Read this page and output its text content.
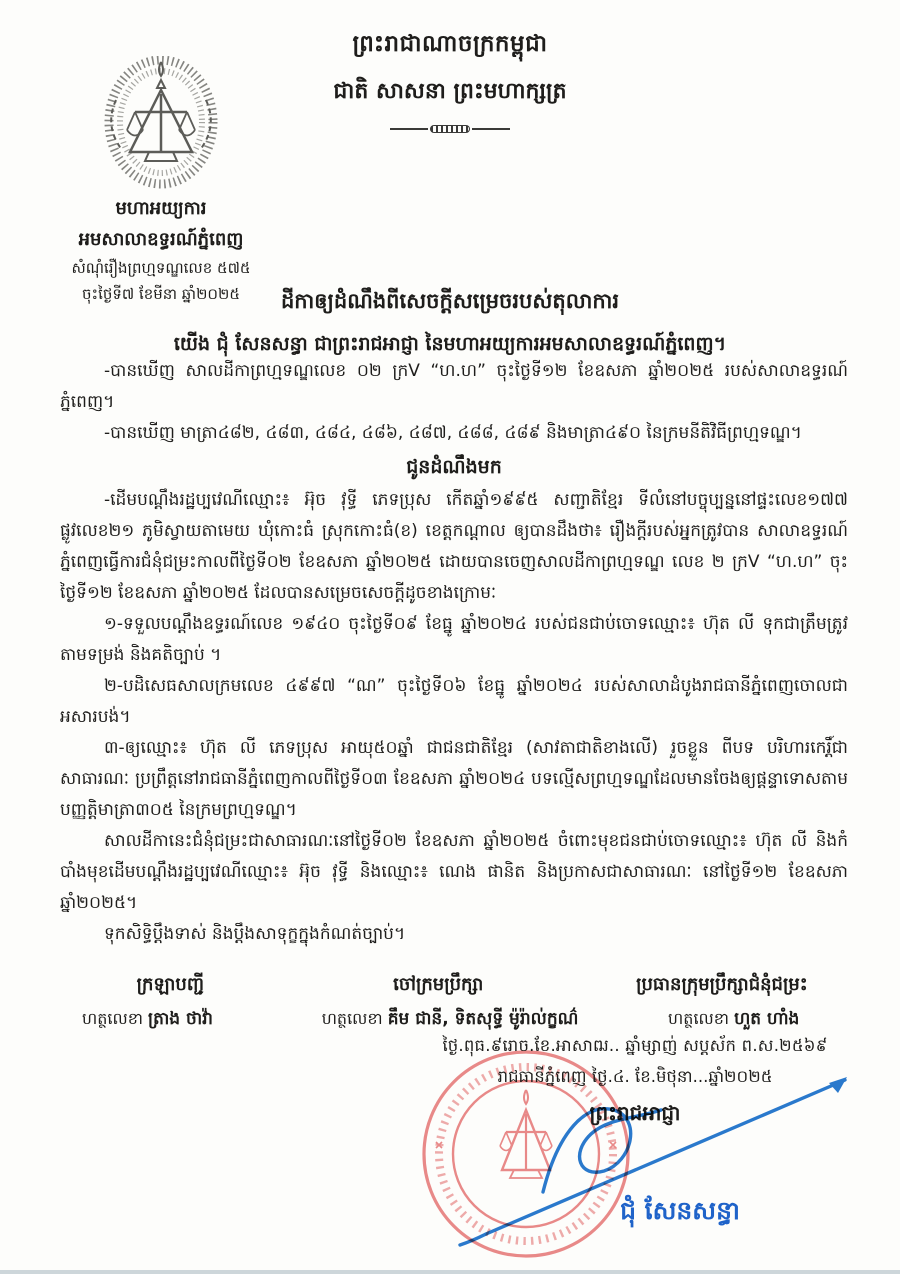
ព្រះរាជាណាចក្រកម្ពុជា
ជាតិ សាសនា ព្រះមហាក្សត្រ
មហាអយ្យការ
អមសាលាឧទ្ធរណ៍ភ្នំពេញ
សំណុំរឿងព្រហ្មទណ្ឌលេខ ៥៧៥
ចុះថ្ងៃទី៧ ខែមីនា ឆ្នាំ២០២៥	ដីកាឲ្យដំណឹងពីសេចក្តីសម្រេចរបស់តុលាការ
យើង ជុំ សែនសន្ធា ជាព្រះរាជអាជ្ញា នៃមហាអយ្យការអមសាលាឧទ្ធរណ៍ភ្នំពេញ។

-បានឃើញ សាលដីកាព្រហ្មទណ្ឌលេខ ០២ ក្រV “ហ.ហ” ចុះថ្ងៃទី១២ ខែឧសភា ឆ្នាំ២០២៥ របស់សាលាឧទ្ធរណ៍ភ្នំពេញ។

-បានឃើញ មាត្រា៤៨២, ៤៨៣, ៤៨៤, ៤៨៦, ៤៨៧, ៤៨៨, ៤៨៩ និងមាត្រា៤៩០ នៃក្រមនីតិវិធីព្រហ្មទណ្ឌ។

ជូនដំណឹងមក

-ដើមបណ្តឹងរដ្ឋប្បវេណីឈ្មោះ៖ អ៊ុច វុទ្ធី ភេទប្រុស កើតឆ្នាំ១៩៩៥ សញ្ជាតិខ្មែរ ទីលំនៅបច្ចុប្បន្ននៅផ្ទះលេខ១៧៧ ផ្លូវលេខ២១ ភូមិស្វាយតាមេយ ឃុំកោះធំ ស្រុកកោះធំ(ខ) ខេត្តកណ្តាល ឲ្យបានដឹងថា៖ រឿងក្តីរបស់អ្នកត្រូវបាន សាលាឧទ្ធរណ៍ភ្នំពេញធ្វើការជំនុំជម្រះកាលពីថ្ងៃទី០២ ខែឧសភា ឆ្នាំ២០២៥ ដោយបានចេញសាលដីកាព្រហ្មទណ្ឌ លេខ ២ ក្រV “ហ.ហ” ចុះថ្ងៃទី១២ ខែឧសភា ឆ្នាំ២០២៥ ដែលបានសម្រេចសេចក្តីដូចខាងក្រោមៈ

១-ទទួលបណ្តឹងឧទ្ធរណ៍លេខ ១៩៤០ ចុះថ្ងៃទី០៩ ខែធ្នូ ឆ្នាំ២០២៤ របស់ជនជាប់ចោទឈ្មោះ៖ ហ៊ុត លី ទុកជាត្រឹមត្រូវតាមទម្រង់ និងគតិច្បាប់ ។

២-បដិសេធសាលក្រមលេខ ៤៩៩៧ “ណ” ចុះថ្ងៃទី០៦ ខែធ្នូ ឆ្នាំ២០២៤ របស់សាលាដំបូងរាជធានីភ្នំពេញចោលជាអសារបង់។

៣-ឲ្យឈ្មោះ៖ ហ៊ុត លី ភេទប្រុស អាយុ៥០ឆ្នាំ ជាជនជាតិខ្មែរ (សាវតាជាតិខាងលើ) រួចខ្លួន ពីបទ បរិហារកេរ្តិ៍ជាសាធារណៈ ប្រព្រឹត្តនៅរាជធានីភ្នំពេញកាលពីថ្ងៃទី០៣ ខែឧសភា ឆ្នាំ២០២៤ បទល្មើសព្រហ្មទណ្ឌដែលមានចែងឲ្យផ្តន្ទាទោសតាមបញ្ញត្តិមាត្រា៣០៥ នៃក្រមព្រហ្មទណ្ឌ។

សាលដីកានេះជំនុំជម្រះជាសាធារណៈនៅថ្ងៃទី០២ ខែឧសភា ឆ្នាំ២០២៥ ចំពោះមុខជនជាប់ចោទឈ្មោះ៖ ហ៊ុត លី និងកំបាំងមុខដើមបណ្តឹងរដ្ឋប្បវេណីឈ្មោះ៖ អ៊ុច វុទ្ធី និងឈ្មោះ៖ ណេង ផានិត និងប្រកាសជាសាធារណៈ នៅថ្ងៃទី១២ ខែឧសភា ឆ្នាំ២០២៥។

ទុកសិទ្ធិប្តឹងទាស់ និងប្តឹងសាទុក្ខក្នុងកំណត់ច្បាប់។

ក្រឡាបញ្ជី	ចៅក្រមប្រឹក្សា	ប្រធានក្រុមប្រឹក្សាជំនុំជម្រះ
ហត្ថលេខា ត្រាង ថាវ៉ា	ហត្ថលេខា គឹម ជានី, ទិតសុទ្ធី ម៉ូរ៉ាល់ក្ខណ៌	ហត្ថលេខា ហួត ហាំង
ថ្ងៃ.ពុធ.៩រោច.ខែ.អាសាឍ.. ឆ្នាំម្សាញ់ សប្តស័ក ព.ស.២៥៦៩
រាជធានីភ្នំពេញ ថ្ងៃ.៤. ខែ.មិថុនា...ឆ្នាំ២០២៥
ព្រះរាជអាជ្ញា
ជុំ សែនសន្ធា
